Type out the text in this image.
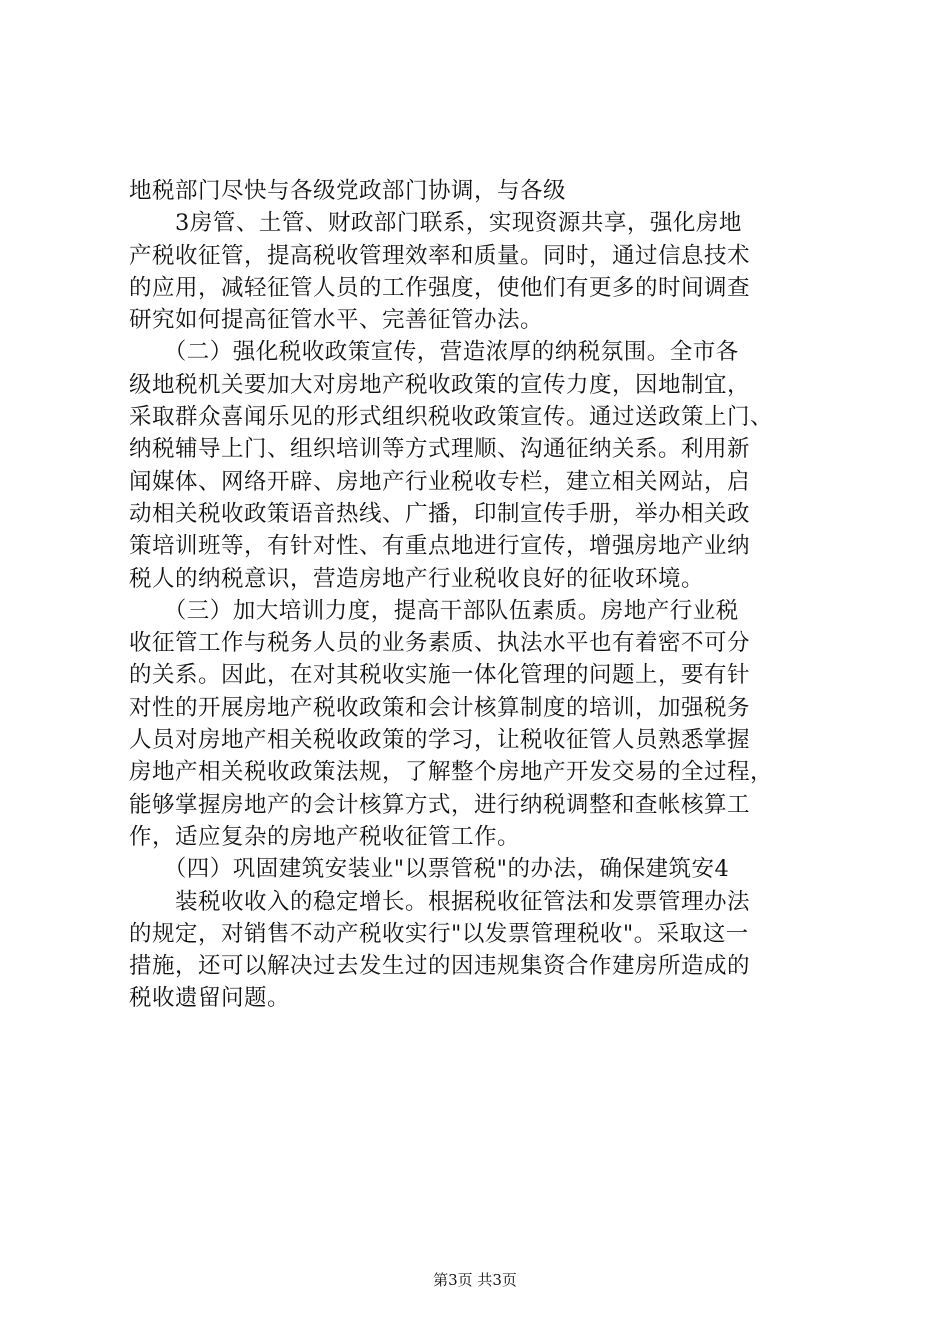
地税部门尽快与各级党政部门协调，与各级
　　3房管、土管、财政部门联系，实现资源共享，强化房地
产税收征管，提高税收管理效率和质量。同时，通过信息技术
的应用，减轻征管人员的工作强度，使他们有更多的时间调查
研究如何提高征管水平、完善征管办法。
　　（二）强化税收政策宣传，营造浓厚的纳税氛围。全市各
级地税机关要加大对房地产税收政策的宣传力度，因地制宜，
采取群众喜闻乐见的形式组织税收政策宣传。通过送政策上门、
纳税辅导上门、组织培训等方式理顺、沟通征纳关系。利用新
闻媒体、网络开辟、房地产行业税收专栏，建立相关网站，启
动相关税收政策语音热线、广播，印制宣传手册，举办相关政
策培训班等，有针对性、有重点地进行宣传，增强房地产业纳
税人的纳税意识，营造房地产行业税收良好的征收环境。
　　（三）加大培训力度，提高干部队伍素质。房地产行业税
收征管工作与税务人员的业务素质、执法水平也有着密不可分
的关系。因此，在对其税收实施一体化管理的问题上，要有针
对性的开展房地产税收政策和会计核算制度的培训，加强税务
人员对房地产相关税收政策的学习，让税收征管人员熟悉掌握
房地产相关税收政策法规，了解整个房地产开发交易的全过程，
能够掌握房地产的会计核算方式，进行纳税调整和查帐核算工
作，适应复杂的房地产税收征管工作。
　　（四）巩固建筑安装业"以票管税"的办法，确保建筑安4
　　装税收收入的稳定增长。根据税收征管法和发票管理办法
的规定，对销售不动产税收实行"以发票管理税收"。采取这一
措施，还可以解决过去发生过的因违规集资合作建房所造成的
税收遗留问题。
第3页 共3页
